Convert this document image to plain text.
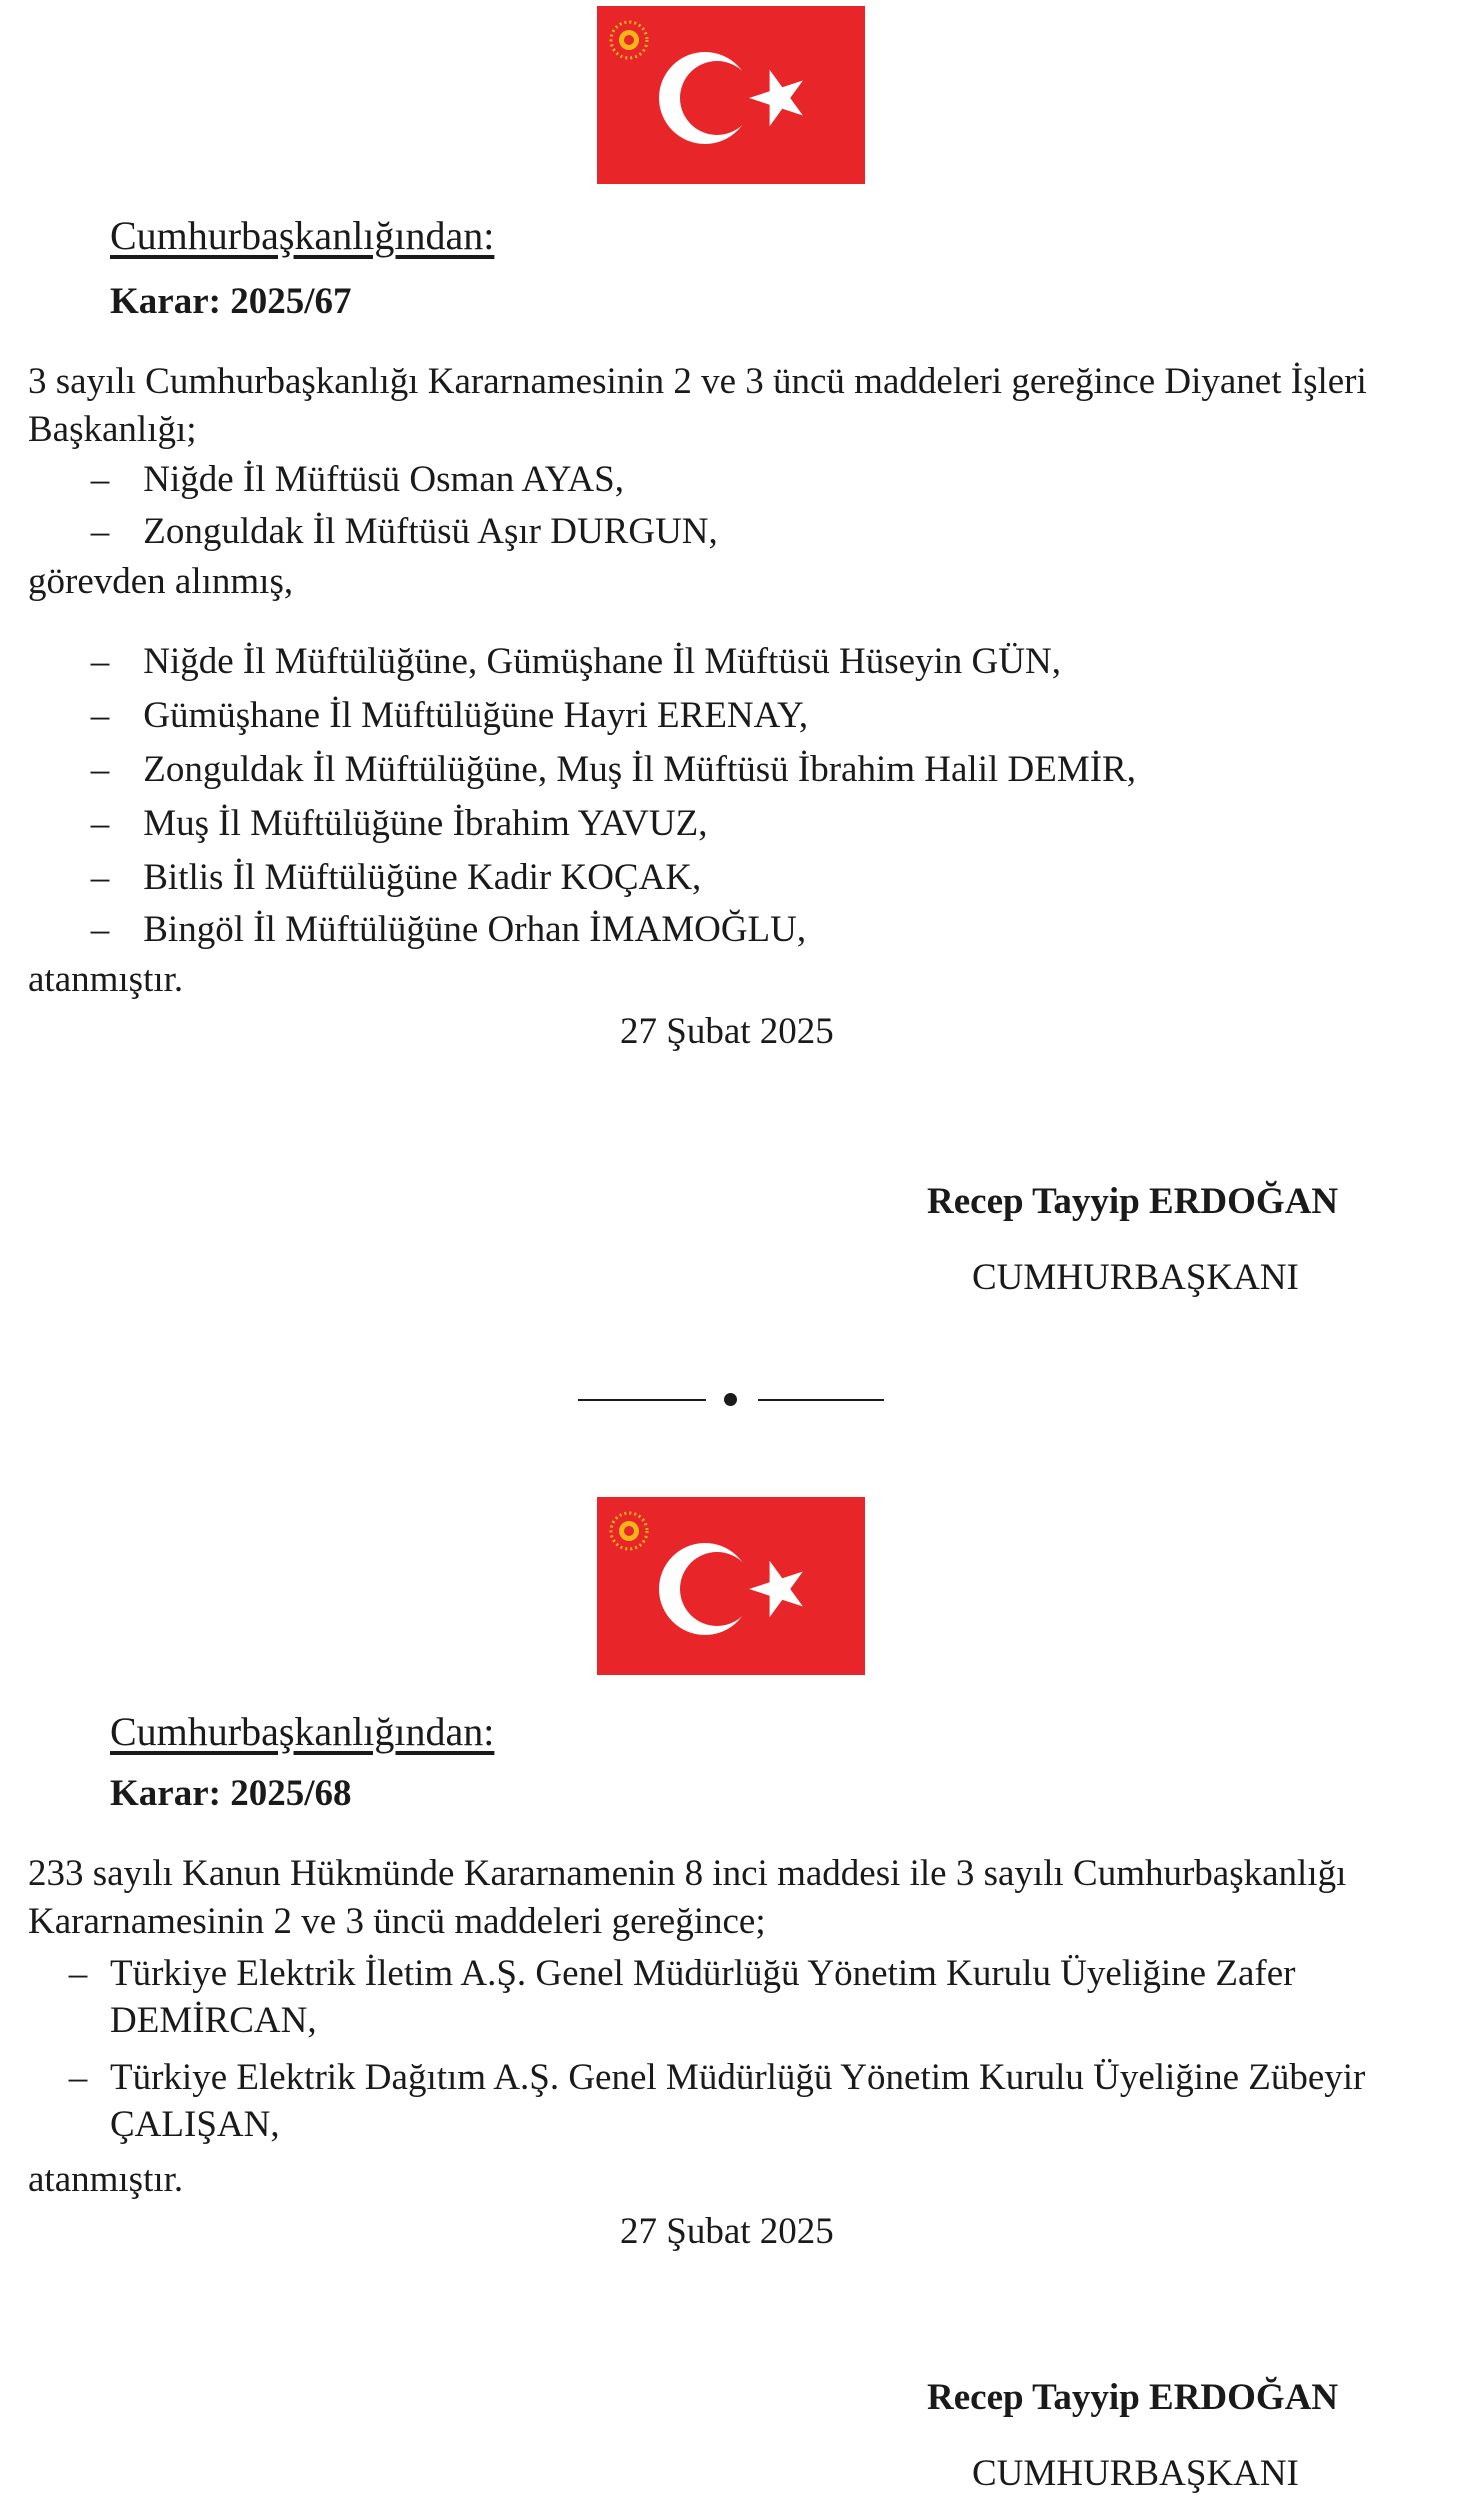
Cumhurbaşkanlığından:
Karar: 2025/67
3 sayılı Cumhurbaşkanlığı Kararnamesinin 2 ve 3 üncü maddeleri gereğince Diyanet İşleri
Başkanlığı;
– Niğde İl Müftüsü Osman AYAS,
– Zonguldak İl Müftüsü Aşır DURGUN,
görevden alınmış,
– Niğde İl Müftülüğüne, Gümüşhane İl Müftüsü Hüseyin GÜN,
– Gümüşhane İl Müftülüğüne Hayri ERENAY,
– Zonguldak İl Müftülüğüne, Muş İl Müftüsü İbrahim Halil DEMİR,
– Muş İl Müftülüğüne İbrahim YAVUZ,
– Bitlis İl Müftülüğüne Kadir KOÇAK,
– Bingöl İl Müftülüğüne Orhan İMAMOĞLU,
atanmıştır.
27 Şubat 2025
Recep Tayyip ERDOĞAN
CUMHURBAŞKANI
Cumhurbaşkanlığından:
Karar: 2025/68
233 sayılı Kanun Hükmünde Kararnamenin 8 inci maddesi ile 3 sayılı Cumhurbaşkanlığı
Kararnamesinin 2 ve 3 üncü maddeleri gereğince;
– Türkiye Elektrik İletim A.Ş. Genel Müdürlüğü Yönetim Kurulu Üyeliğine Zafer
DEMİRCAN,
– Türkiye Elektrik Dağıtım A.Ş. Genel Müdürlüğü Yönetim Kurulu Üyeliğine Zübeyir
ÇALIŞAN,
atanmıştır.
27 Şubat 2025
Recep Tayyip ERDOĞAN
CUMHURBAŞKANI
